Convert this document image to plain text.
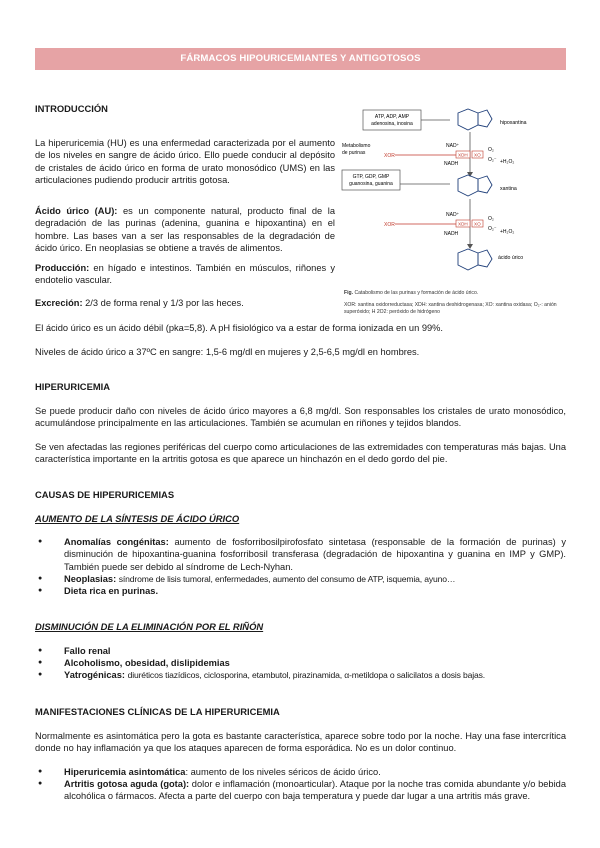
FÁRMACOS HIPOURICEMIANTES Y ANTIGOTOSOS
INTRODUCCIÓN
La hiperuricemia (HU) es una enfermedad caracterizada por el aumento de los niveles en sangre de ácido úrico. Ello puede conducir al depósito de cristales de ácido úrico en forma de urato monosódico (UMS) en las articulaciones pudiendo producir artritis gotosa.
Ácido úrico (AU): es un componente natural, producto final de la degradación de las purinas (adenina, guanina e hipoxantina) en el hombre. Las bases van a ser las responsables de la degradación de ácido úrico. En neoplasias se obtiene a través de alimentos.
Producción: en hígado e intestinos. También en músculos, riñones y endotelio vascular.
Excreción: 2/3 de forma renal y 1/3 por las heces.
El ácido úrico es un ácido débil (pka=5,8). A pH fisiológico va a estar de forma ionizada en un 99%.
Niveles de ácido úrico a 37ºC en sangre: 1,5-6 mg/dl en mujeres y 2,5-6,5 mg/dl en hombres.
ATP, ADP, AMP
adenosina, inosina
Metabolismo
de purinas
hipoxantina
NAD⁺
O₂
XOR	XDH XO
O₂⁻ +H₂O₂
NADH
GTP, GDP, GMP
guanosina, guanina
xantina
NAD⁺
O₂
XOR	XDH XO
O₂⁻ +H₂O₂
NADH
ácido úrico
Fig. Catabolismo de las purinas y formación de ácido úrico.
XOR: xantina oxidorreductasa; XDH: xantina deshidrogenasa; XO: xantina oxidasa; O₂-: anión superóxido; H 2O2: peróxido de hidrógeno
HIPERURICEMIA
Se puede producir daño con niveles de ácido úrico mayores a 6,8 mg/dl. Son responsables los cristales de urato monosódico, acumulándose principalmente en las articulaciones. También se acumulan en riñones y tejidos blandos.
Se ven afectadas las regiones periféricas del cuerpo como articulaciones de las extremidades con temperaturas más bajas. Una característica importante en la artritis gotosa es que aparece un hinchazón en el dedo gordo del pie.
CAUSAS DE HIPERURICEMIAS
AUMENTO DE LA SÍNTESIS DE ÁCIDO ÚRICO
● Anomalías congénitas: aumento de fosforribosilpirofosfato sintetasa (responsable de la formación de purinas) y disminución de hipoxantina-guanina fosforribosil transferasa (degradación de hipoxantina y guanina en IMP y GMP). También puede ser debido al síndrome de Lech-Nyhan.
● Neoplasias: síndrome de lisis tumoral, enfermedades, aumento del consumo de ATP, isquemia, ayuno…
● Dieta rica en purinas.
DISMINUCIÓN DE LA ELIMINACIÓN POR EL RIÑÓN
● Fallo renal
● Alcoholismo, obesidad, dislipidemias
● Yatrogénicas: diuréticos tiazídicos, ciclosporina, etambutol, pirazinamida, α-metildopa o salicilatos a dosis bajas.
MANIFESTACIONES CLÍNICAS DE LA HIPERURICEMIA
Normalmente es asintomática pero la gota es bastante característica, aparece sobre todo por la noche. Hay una fase intercrítica donde no hay inflamación ya que los ataques aparecen de forma esporádica. No es un dolor continuo.
● Hiperuricemia asintomática: aumento de los niveles séricos de ácido úrico.
● Artritis gotosa aguda (gota): dolor e inflamación (monoarticular). Ataque por la noche tras comida abundante y/o bebida alcohólica o fármacos. Afecta a parte del cuerpo con baja temperatura y puede dar lugar a una artritis más grave.
